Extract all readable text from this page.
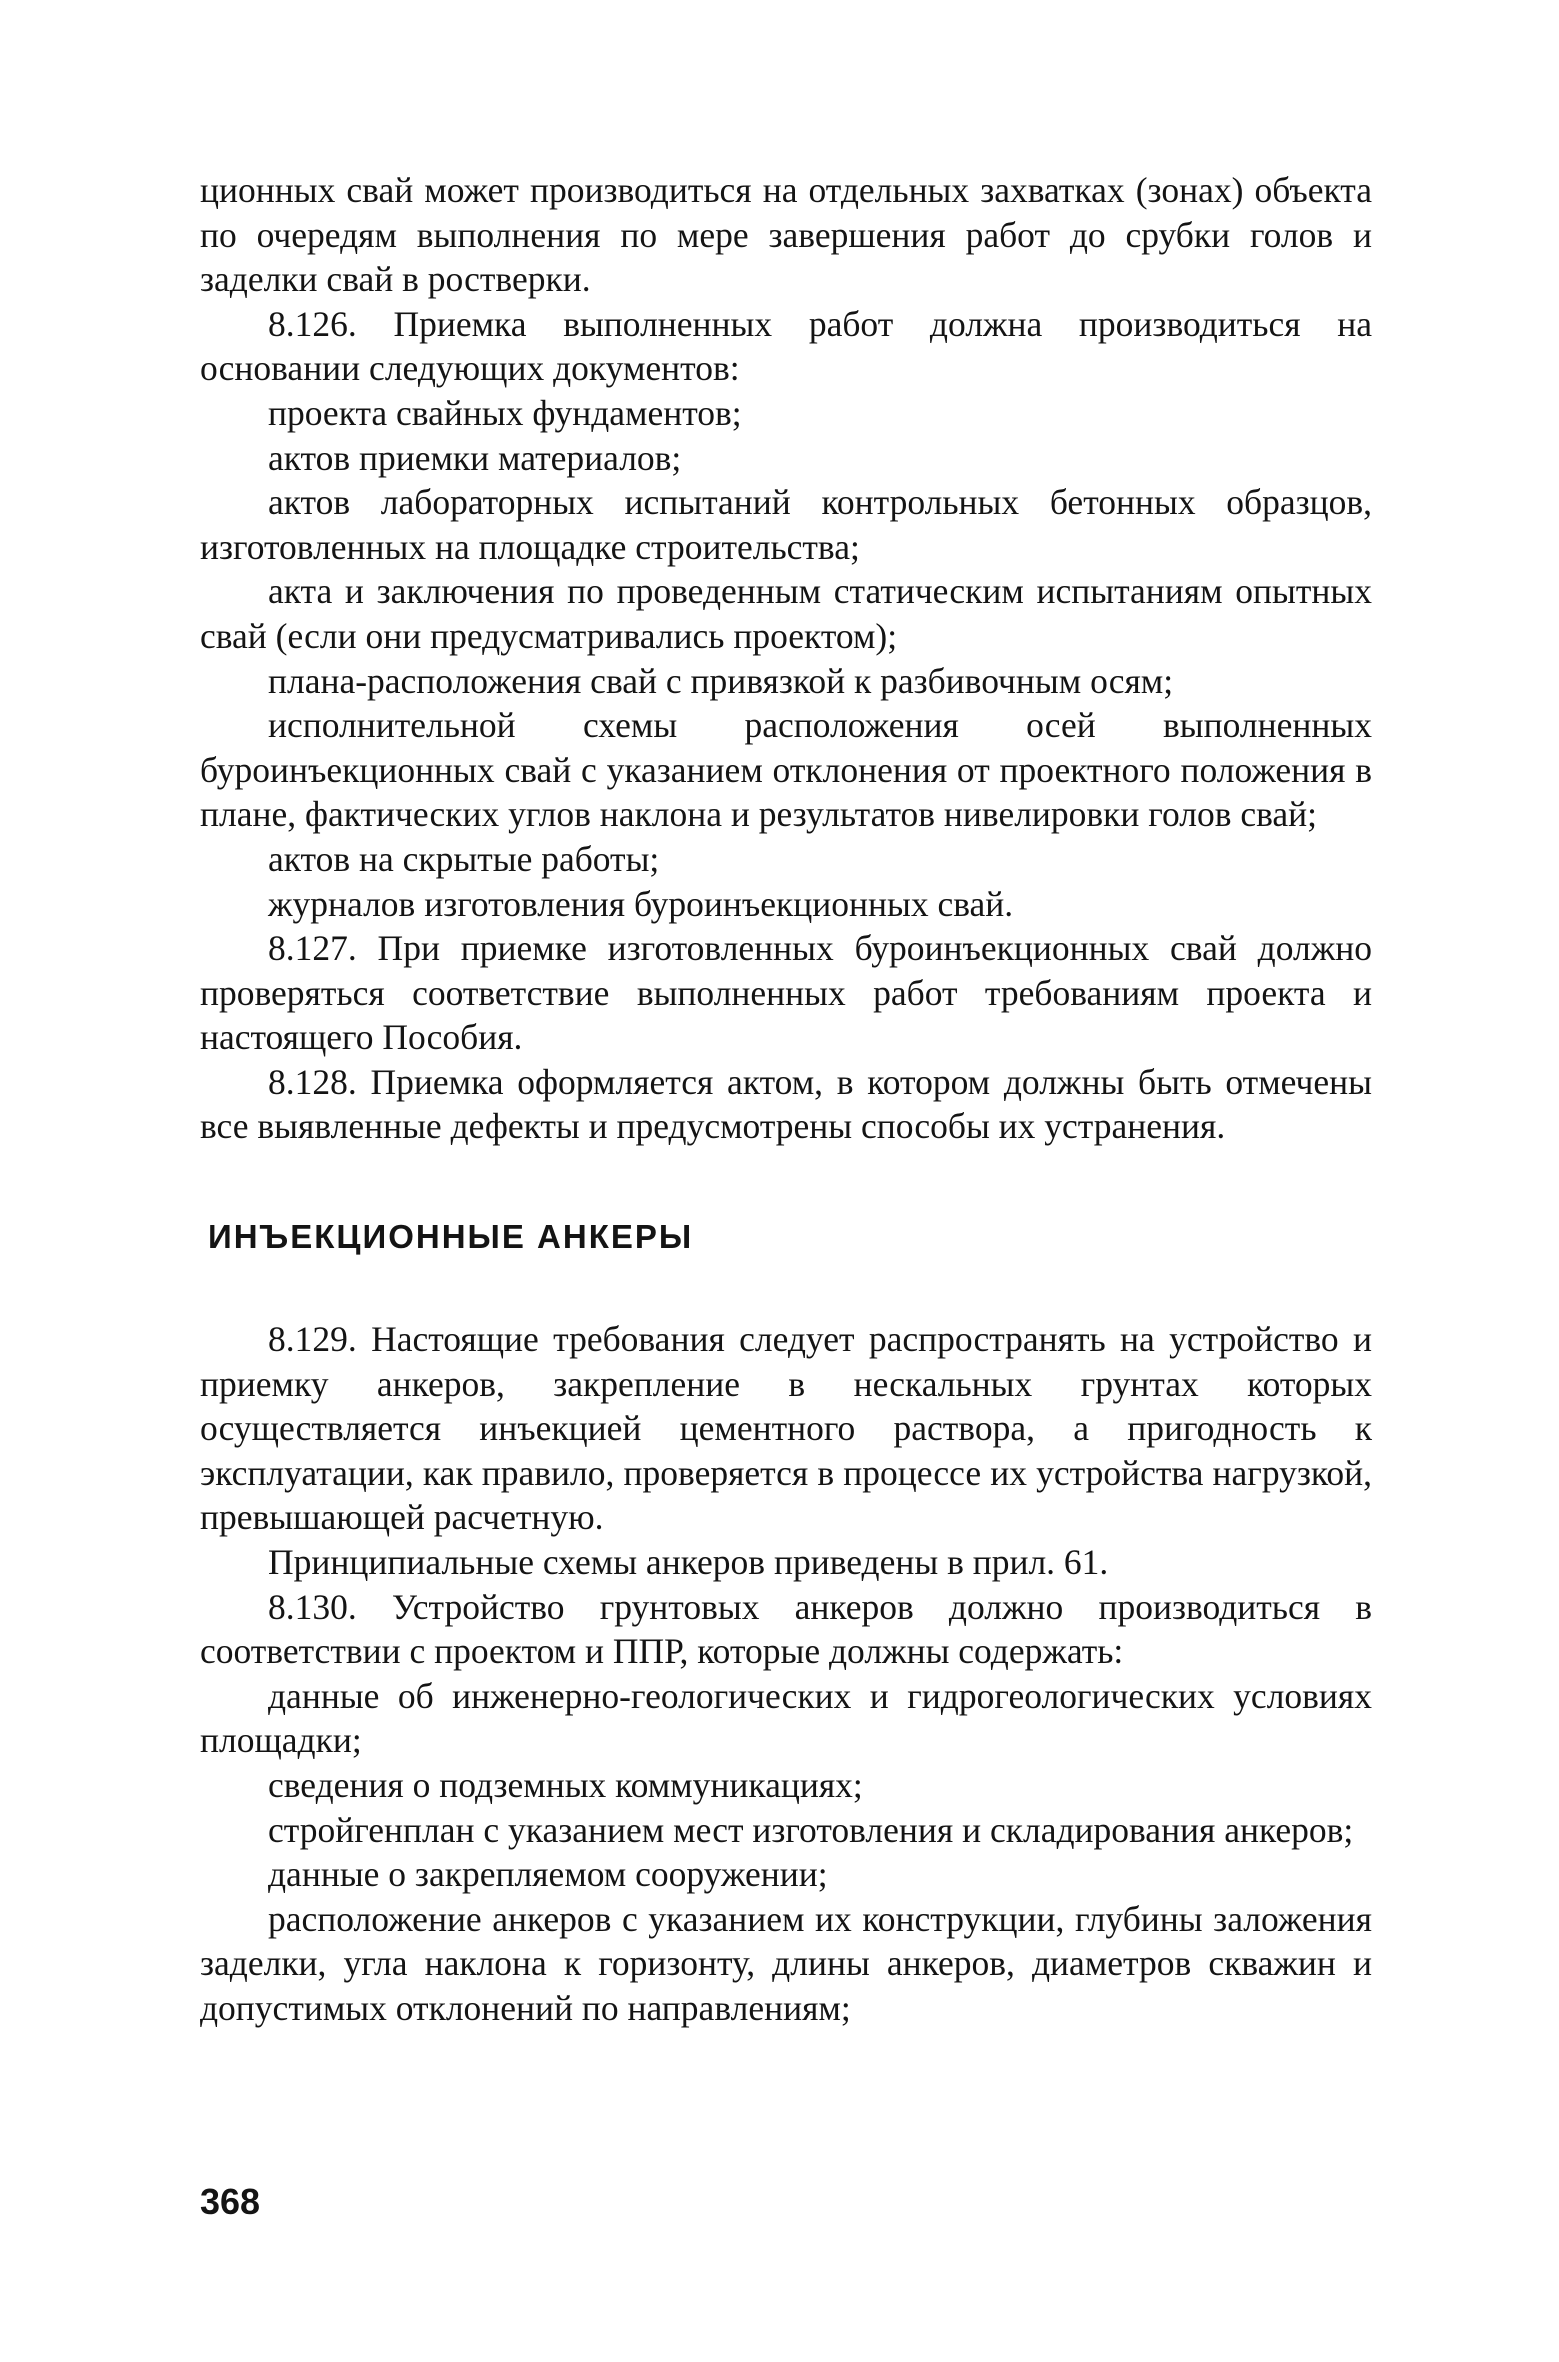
ционных свай может производиться на отдельных захватках (зонах) объекта по очередям выполнения по мере завершения работ до срубки голов и заделки свай в ростверки.

8.126. Приемка выполненных работ должна производиться на основании следующих документов:

проекта свайных фундаментов;

актов приемки материалов;

актов лабораторных испытаний контрольных бетонных образцов, изготовленных на площадке строительства;

акта и заключения по проведенным статическим испытаниям опытных свай (если они предусматривались проектом);

плана-расположения свай с привязкой к разбивочным осям;

исполнительной схемы расположения осей выполненных буроинъекционных свай с указанием отклонения от проектного положения в плане, фактических углов наклона и результатов нивелировки голов свай;

актов на скрытые работы;

журналов изготовления буроинъекционных свай.

8.127. При приемке изготовленных буроинъекционных свай должно проверяться соответствие выполненных работ требованиям проекта и настоящего Пособия.

8.128. Приемка оформляется актом, в котором должны быть отмечены все выявленные дефекты и предусмотрены способы их устранения.

ИНЪЕКЦИОННЫЕ АНКЕРЫ

8.129. Настоящие требования следует распространять на устройство и приемку анкеров, закрепление в нескальных грунтах которых осуществляется инъекцией цементного раствора, а пригодность к эксплуатации, как правило, проверяется в процессе их устройства нагрузкой, превышающей расчетную.

Принципиальные схемы анкеров приведены в прил. 61.

8.130. Устройство грунтовых анкеров должно производиться в соответствии с проектом и ППР, которые должны содержать:

данные об инженерно-геологических и гидрогеологических условиях площадки;

сведения о подземных коммуникациях;

стройгенплан с указанием мест изготовления и складирования анкеров;

данные о закрепляемом сооружении;

расположение анкеров с указанием их конструкции, глубины заложения заделки, угла наклона к горизонту, длины анкеров, диаметров скважин и допустимых отклонений по направлениям;

368
